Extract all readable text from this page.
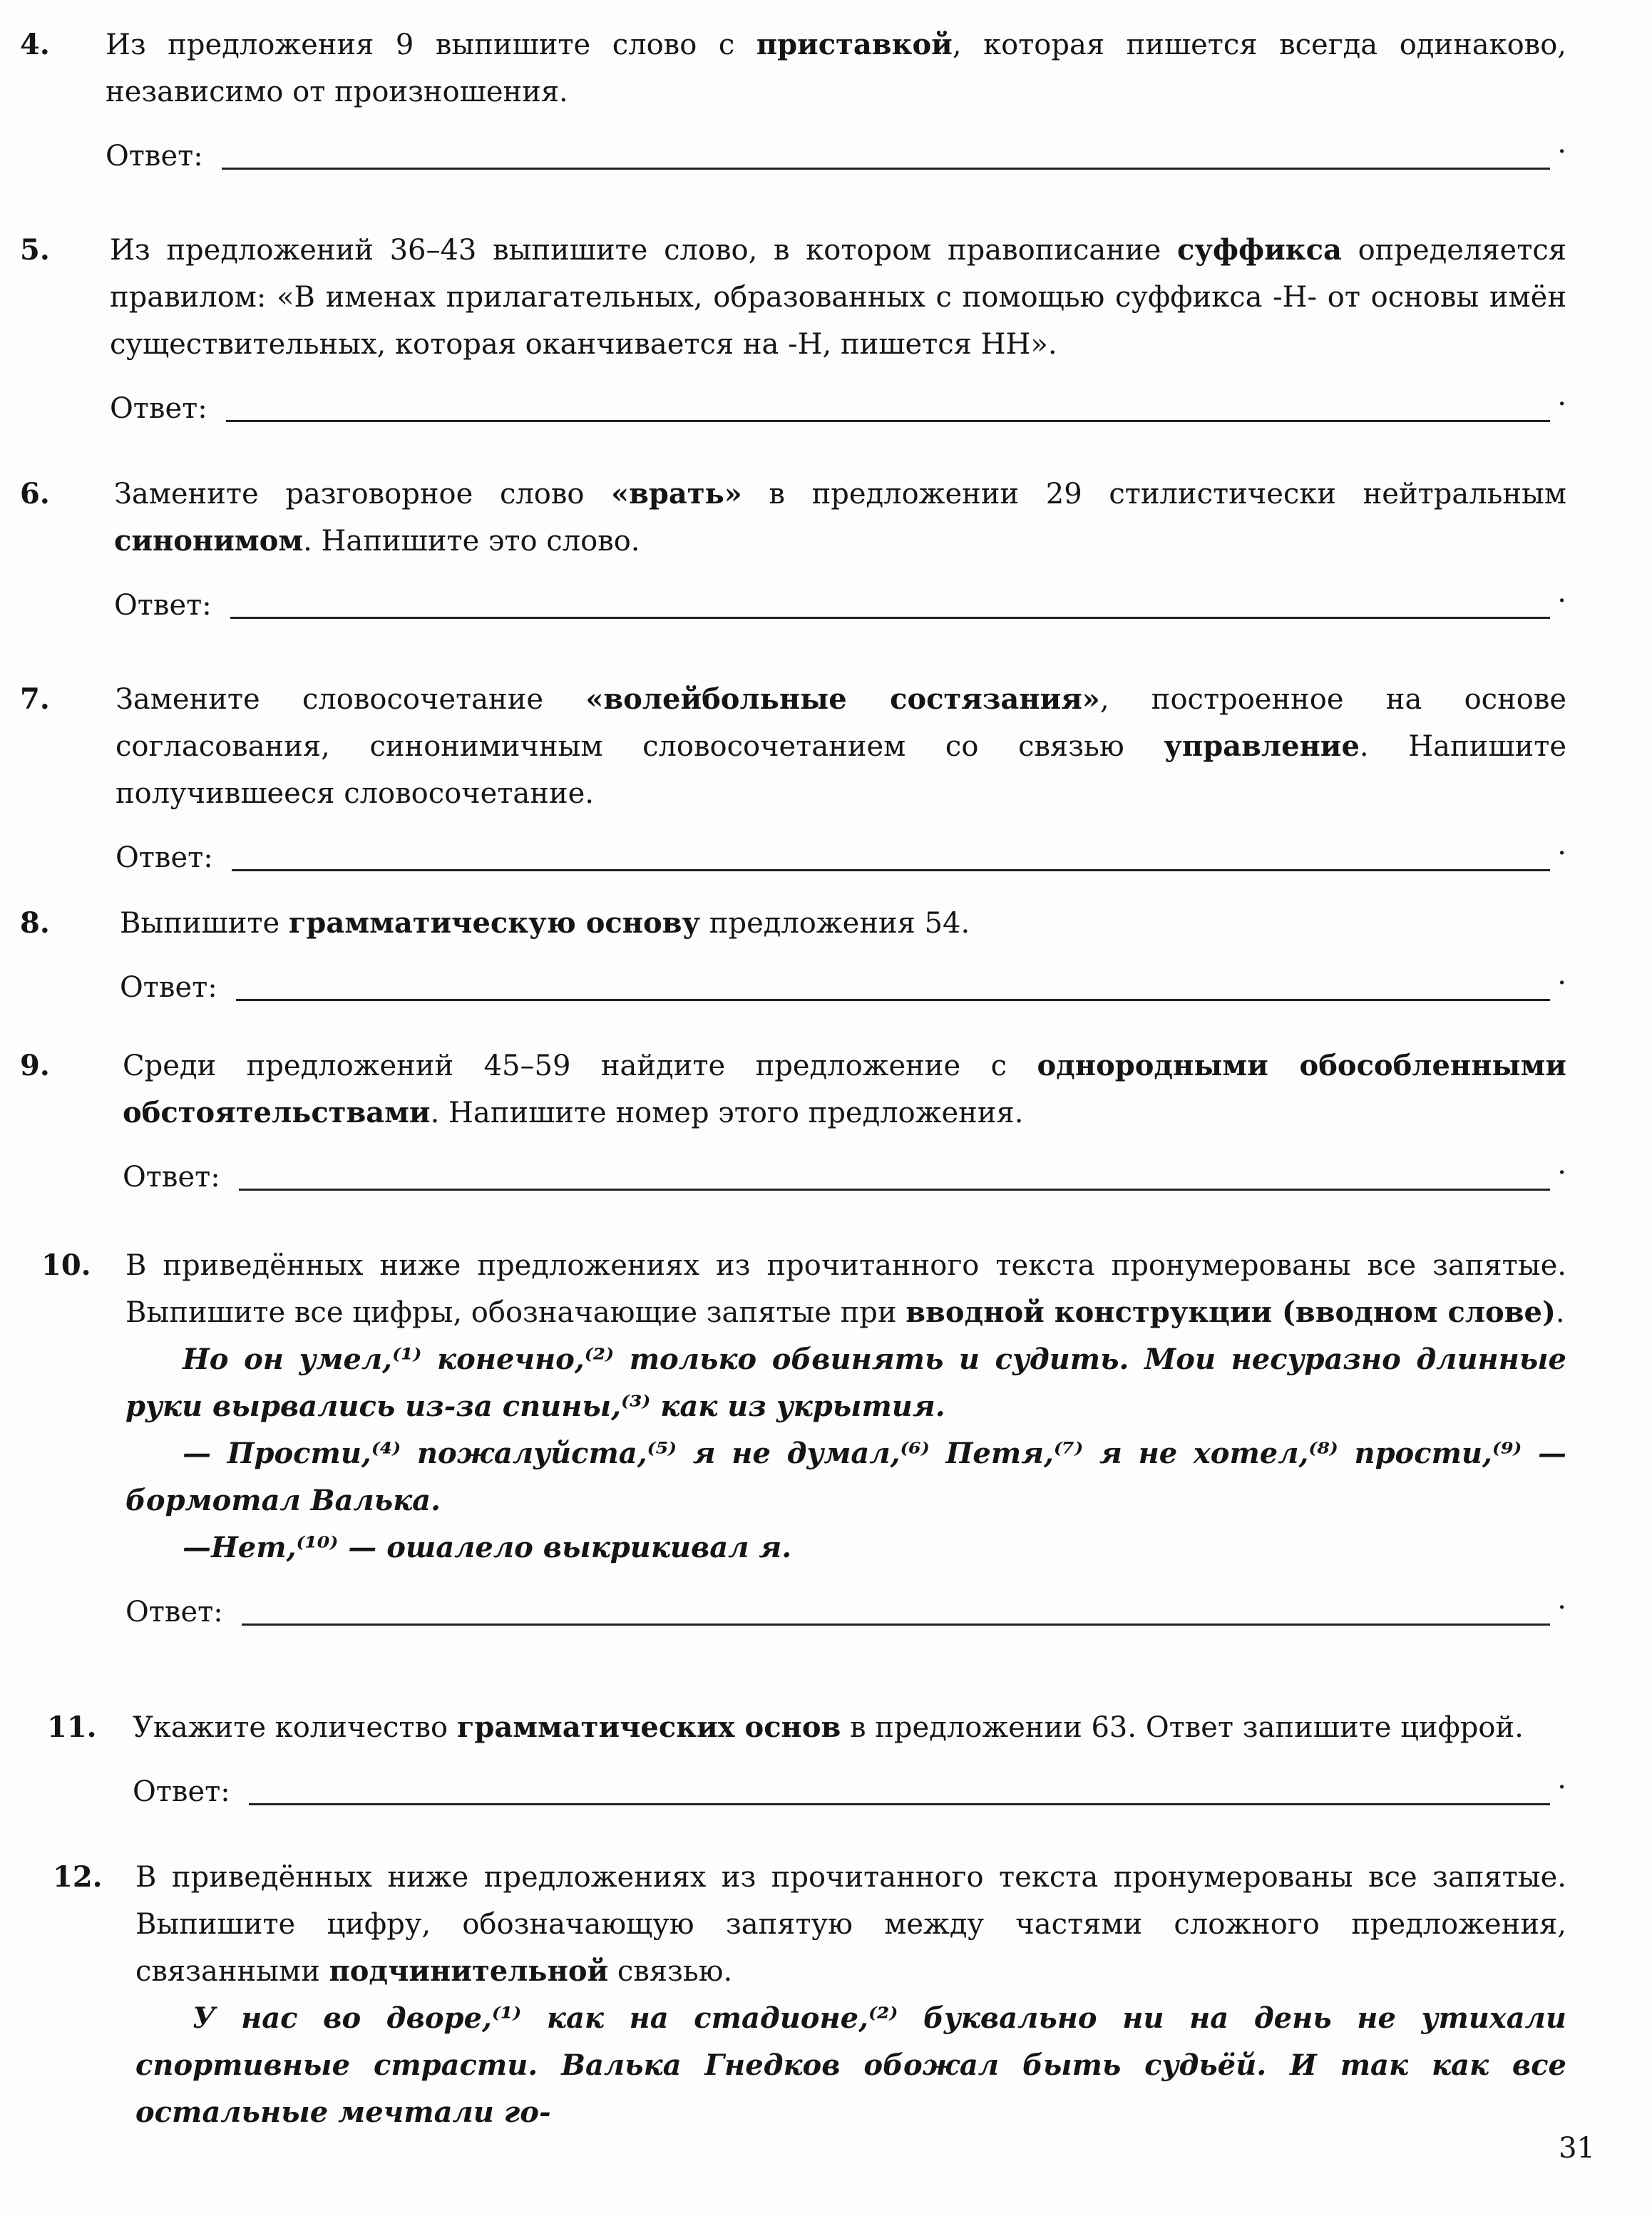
4.	Из предложения 9 выпишите слово с приставкой, которая пишется всегда одинаково, независимо от произношения.

Ответ:	.
5.	Из предложений 36–43 выпишите слово, в котором правописание суффикса определяется правилом: «В именах прилагательных, образованных с помощью суффикса -Н- от основы имён существительных, которая оканчивается на -Н, пишется НН».

Ответ:	.
6.	Замените разговорное слово «врать» в предложении 29 стилистически нейтральным синонимом. Напишите это слово.

Ответ:	.
7.	Замените словосочетание «волейбольные состязания», построенное на основе согласования, синонимичным словосочетанием со связью управление. Напишите получившееся словосочетание.

Ответ:	.
8.	Выпишите грамматическую основу предложения 54.

Ответ:	.
9.	Среди предложений 45–59 найдите предложение с однородными обособленными обстоятельствами. Напишите номер этого предложения.

Ответ:	.
10.	В приведённых ниже предложениях из прочитанного текста пронумерованы все запятые. Выпишите все цифры, обозначающие запятые при вводной конструкции (вводном слове).

Но он умел,⁽¹⁾ конечно,⁽²⁾ только обвинять и судить. Мои несуразно длинные руки вырвались из-за спины,⁽³⁾ как из укрытия.

— Прости,⁽⁴⁾ пожалуйста,⁽⁵⁾ я не думал,⁽⁶⁾ Петя,⁽⁷⁾ я не хотел,⁽⁸⁾ прости,⁽⁹⁾ — бормотал Валька.

—Нет,⁽¹⁰⁾ — ошалело выкрикивал я.

Ответ:	.
11.	Укажите количество грамматических основ в предложении 63. Ответ запишите цифрой.

Ответ:	.
12.	В приведённых ниже предложениях из прочитанного текста пронумерованы все запятые. Выпишите цифру, обозначающую запятую между частями сложного предложения, связанными подчинительной связью.

У нас во дворе,⁽¹⁾ как на стадионе,⁽²⁾ буквально ни на день не утихали спортивные страсти. Валька Гнедков обожал быть судьёй. И так как все остальные мечтали го-

31
